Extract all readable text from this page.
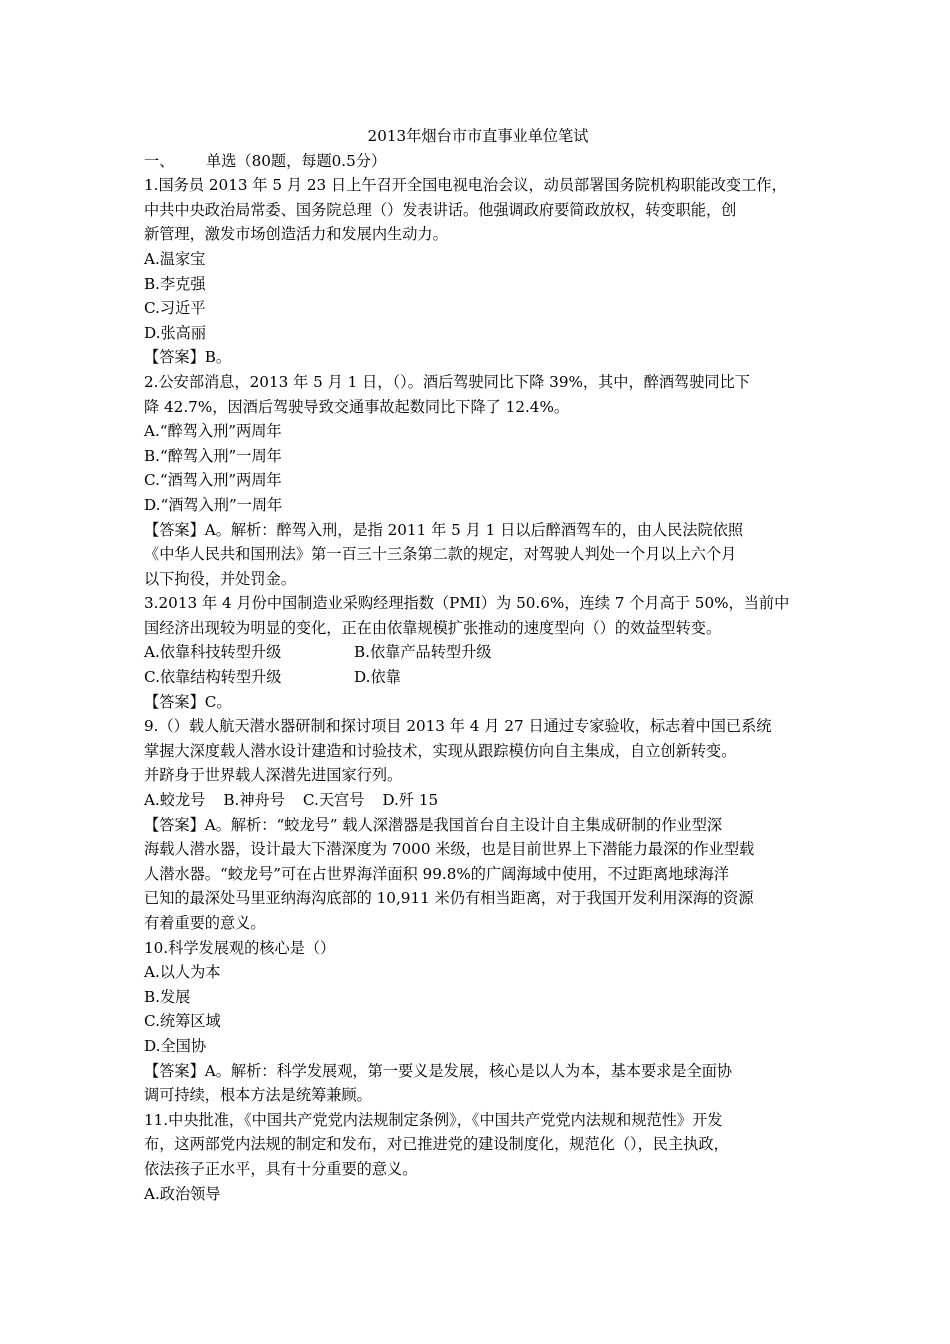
2013年烟台市市直事业单位笔试

一、 单选（80题，每题0.5分）

1.国务员 2013 年 5 月 23 日上午召开全国电视电治会议，动员部署国务院机构职能改变工作，

中共中央政治局常委、国务院总理（）发表讲话。他强调政府要简政放权，转变职能，创

新管理，激发市场创造活力和发展内生动力。

A.温家宝

B.李克强

C.习近平

D.张高丽

【答案】B。

2.公安部消息，2013 年 5 月 1 日，（）。酒后驾驶同比下降 39%，其中，醉酒驾驶同比下

降 42.7%，因酒后驾驶导致交通事故起数同比下降了 12.4%。

A.“醉驾入刑”两周年

B.“醉驾入刑”一周年

C.“酒驾入刑”两周年

D.“酒驾入刑”一周年

【答案】A。解析：醉驾入刑，是指 2011 年 5 月 1 日以后醉酒驾车的，由人民法院依照

《中华人民共和国刑法》第一百三十三条第二款的规定，对驾驶人判处一个月以上六个月

以下拘役，并处罚金。

3.2013 年 4 月份中国制造业采购经理指数（PMI）为 50.6%，连续 7 个月高于 50%，当前中

国经济出现较为明显的变化，正在由依靠规模扩张推动的速度型向（）的效益型转变。

A.依靠科技转型升级	B.依靠产品转型升级

C.依靠结构转型升级	D.依靠

【答案】C。

9.（）载人航天潜水器研制和探讨项目 2013 年 4 月 27 日通过专家验收，标志着中国已系统

掌握大深度载人潜水设计建造和讨验技术，实现从跟踪模仿向自主集成，自立创新转变。

并跻身于世界载人深潜先进国家行列。

A.蛟龙号 B.神舟号 C.天宫号 D.歼 15

【答案】A。解析：“蛟龙号” 载人深潜器是我国首台自主设计自主集成研制的作业型深

海载人潜水器，设计最大下潜深度为 7000 米级，也是目前世界上下潜能力最深的作业型载

人潜水器。“蛟龙号”可在占世界海洋面积 99.8%的广阔海域中使用，不过距离地球海洋

已知的最深处马里亚纳海沟底部的 10,911 米仍有相当距离，对于我国开发利用深海的资源

有着重要的意义。

10.科学发展观的核心是（）

A.以人为本

B.发展

C.统筹区域

D.全国协

【答案】A。解析：科学发展观，第一要义是发展，核心是以人为本，基本要求是全面协

调可持续，根本方法是统筹兼顾。

11.中央批准，《中国共产党党内法规制定条例》，《中国共产党党内法规和规范性》开发

布，这两部党内法规的制定和发布，对已推进党的建设制度化，规范化（），民主执政，

依法孩子正水平，具有十分重要的意义。

A.政治领导
